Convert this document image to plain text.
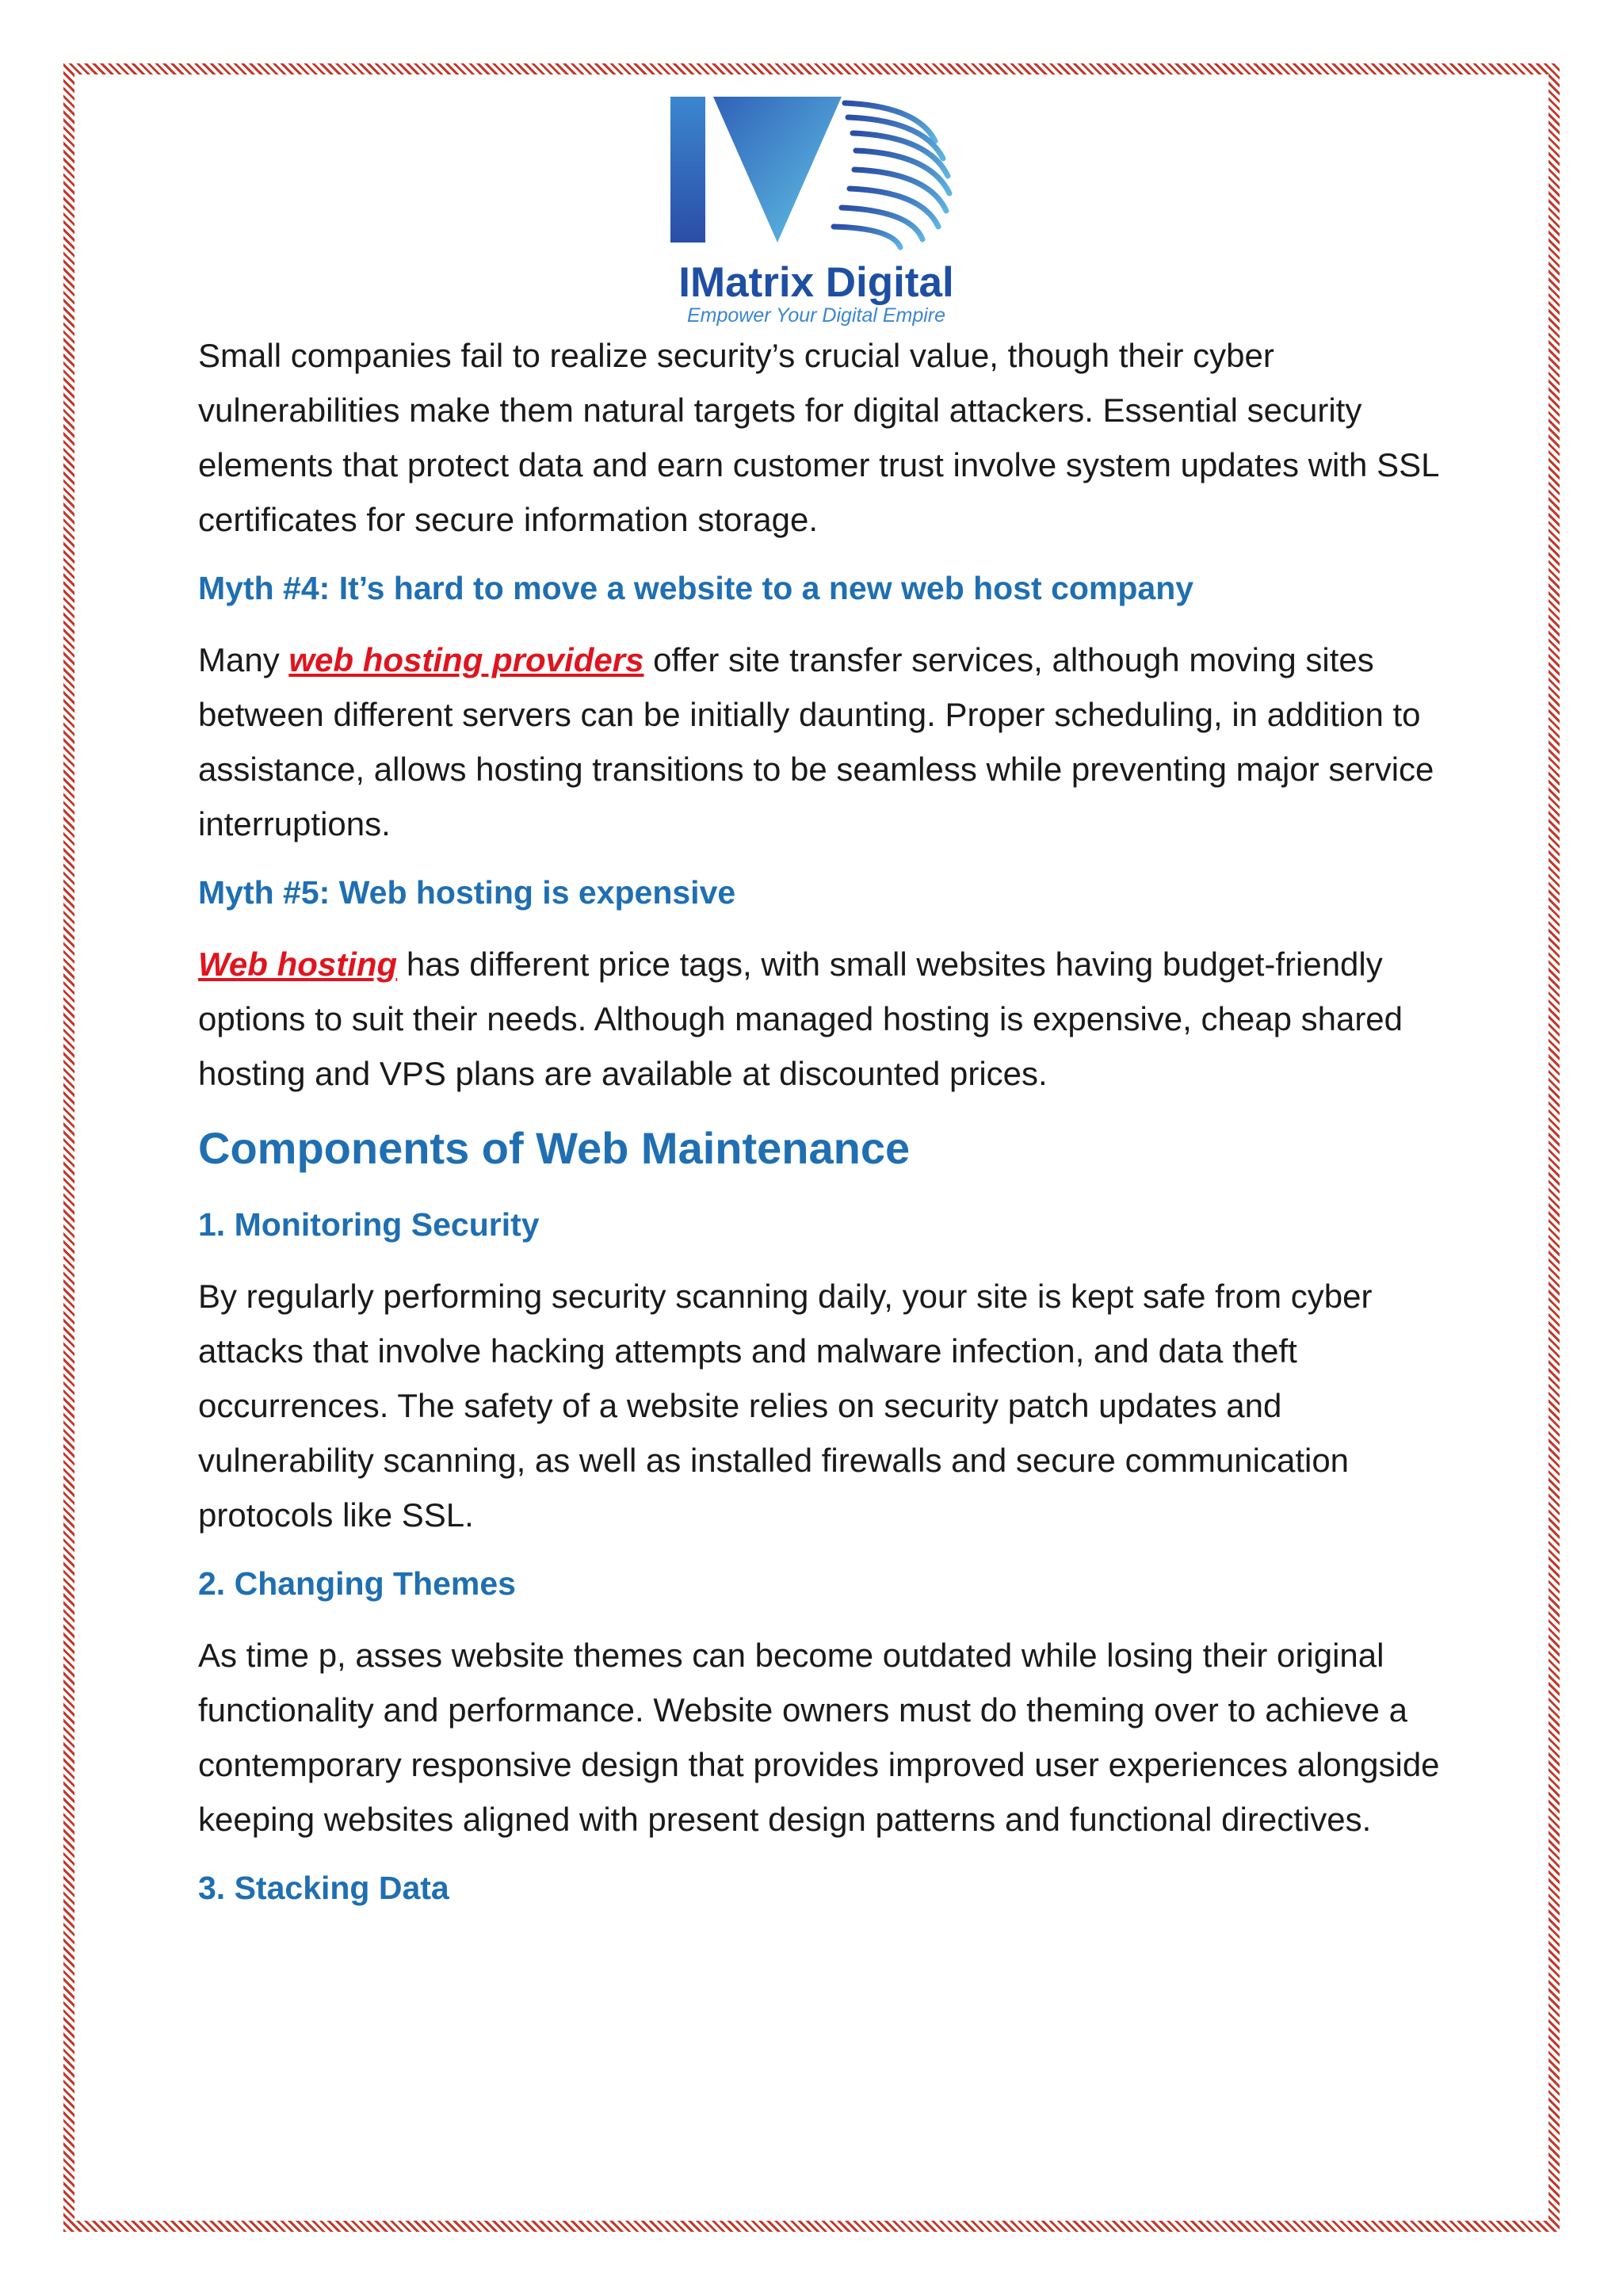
IMatrix Digital
Empower Your Digital Empire

Small companies fail to realize security’s crucial value, though their cyber vulnerabilities make them natural targets for digital attackers. Essential security elements that protect data and earn customer trust involve system updates with SSL certificates for secure information storage.

Myth #4: It’s hard to move a website to a new web host company

Many web hosting providers offer site transfer services, although moving sites between different servers can be initially daunting. Proper scheduling, in addition to assistance, allows hosting transitions to be seamless while preventing major service interruptions.

Myth #5: Web hosting is expensive

Web hosting has different price tags, with small websites having budget-friendly options to suit their needs. Although managed hosting is expensive, cheap shared hosting and VPS plans are available at discounted prices.

Components of Web Maintenance
1. Monitoring Security

By regularly performing security scanning daily, your site is kept safe from cyber attacks that involve hacking attempts and malware infection, and data theft occurrences. The safety of a website relies on security patch updates and vulnerability scanning, as well as installed firewalls and secure communication protocols like SSL.

2. Changing Themes

As time p, asses website themes can become outdated while losing their original functionality and performance. Website owners must do theming over to achieve a contemporary responsive design that provides improved user experiences alongside keeping websites aligned with present design patterns and functional directives.

3. Stacking Data
